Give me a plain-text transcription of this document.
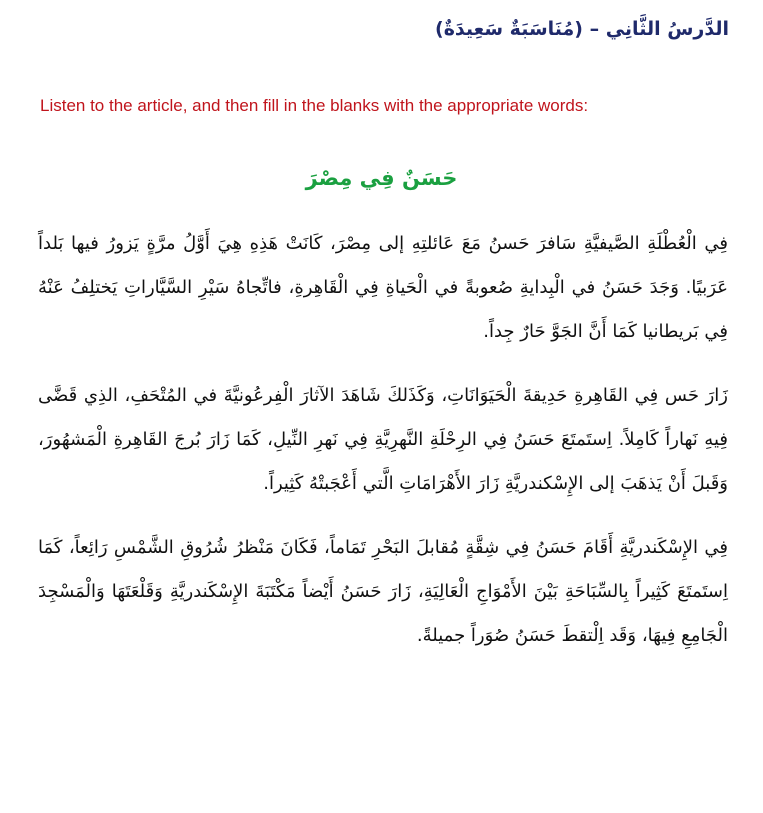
الدَّرسُ الثَّانِي – (مُنَاسَبَةٌ سَعِيدَةٌ)
Listen to the article, and then fill in the blanks with the appropriate words:
حَسَنٌ فِي مِصْرَ

فِي الْعُطْلَةِ الصَّيفيَّةِ سَافرَ حَسنُ مَعَ عَائلتِهِ إلى مِصْرَ، كَانَتْ هَذِهِ هِيَ أَوَّلُ مرَّةٍ يَزورُ فيها بَلداً عَرَبيًا. وَجَدَ حَسَنُ في الْبِدايةِ صُعوبةً في الْحَياةِ فِي الْقَاهِرةِ، فاتِّجاهُ سَيْرِ السَّيَّاراتِ يَختلِفُ عَنْهُ فِي بَريطانيا كَمَا أَنَّ الجَوَّ حَارٌ جِداً.

زَارَ حَس فِي القَاهِرةِ حَدِيقةَ الْحَيَوَانَاتِ، وَكَذَلكَ شَاهَدَ الآثارَ الْفِرعُونيَّةَ في المُتْحَفِ، الذِي قَضَّى فِيهِ نَهاراً كَامِلاً. اِستَمتَعَ حَسَنُ فِي الرِحْلَةِ النَّهرِيَّةِ فِي نَهرِ النِّيلِ، كَمَا زَارَ بُرجَ القَاهِرةِ الْمَشهُورَ، وَقَبلَ أَنْ يَذهَبَ إلى الإِسْكندريَّةِ زَارَ الأَهْرَامَاتِ الَّتي أَعْجَبتْهُ كَثِيراً.

فِي الإِسْكَندريَّةِ أَقَامَ حَسَنُ فِي شِقَّةٍ مُقابلَ البَحْرِ تَمَاماً، فَكَانَ مَنْظرُ شُرُوقِ الشَّمْسِ رَائِعاً، كَمَا اِستَمتَعَ كَثِيراً بِالسِّبَاحَةِ بَيْنَ الأَمْوَاجِ الْعَالِيَةِ، زَارَ حَسَنُ أَيْضاً مَكْتَبَةَ الإِسْكَندريَّةِ وَقَلْعَتَهَا وَالْمَسْجِدَ الْجَامِعِ فِيهَا، وَقَد اِلْتقطَ حَسَنُ صُوَراً جميلةً.
